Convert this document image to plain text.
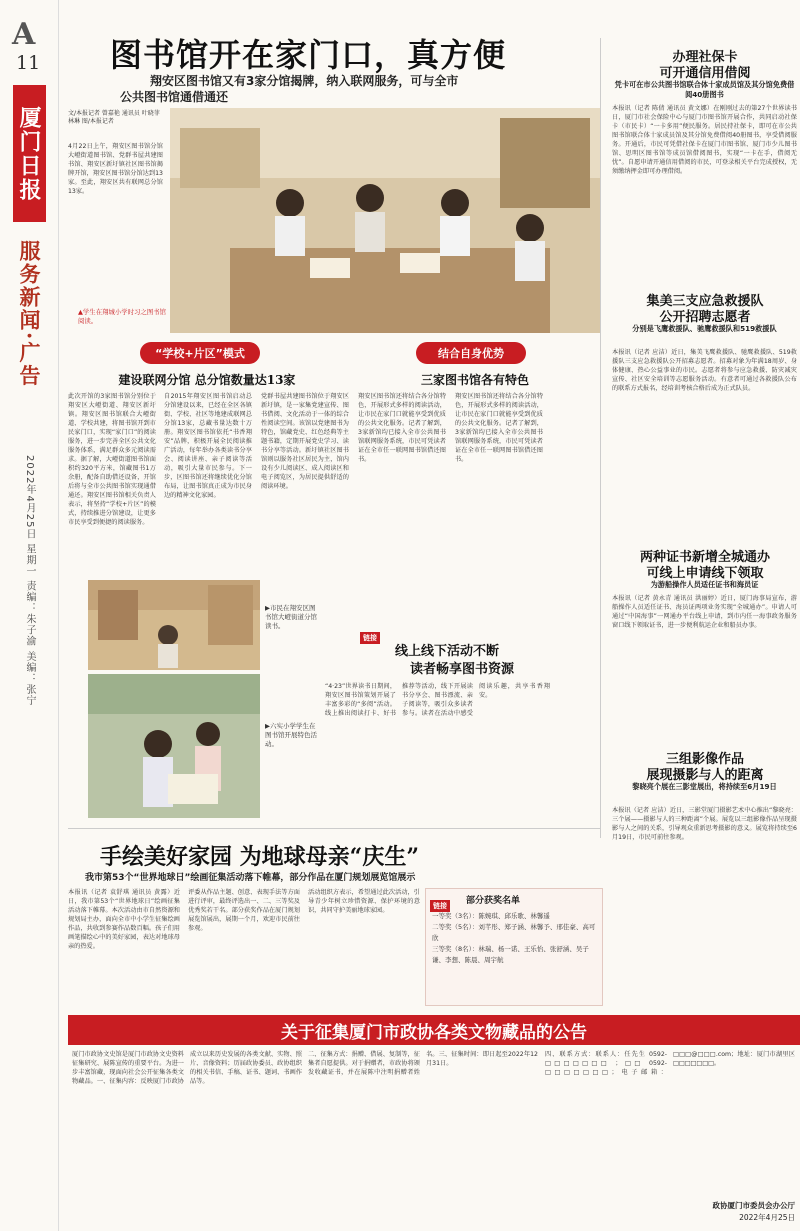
A
11
厦门日报
服务新闻·广告
2022年4月25日 星期一 责编：朱子渝 美编：张宁
图书馆开在家门口，真方便
翔安区图书馆又有3家分馆揭牌，纳入联网服务，可与全市
公共图书馆通借通还
文/本报记者 曾嘉艳 通讯员 叶晓菲 林琳 图/本报记者
4月22日上午，翔安区图书馆分馆大嶝街道图书馆、党群书屋共建图书馆、翔安区新圩镇社区图书馆揭牌开馆，翔安区图书馆分馆达到13家。至此，翔安区共有联网总分馆13家。
▲学生在翔城小学时习之图书馆阅读。
“学校+片区”模式	结合自身优势
建设联网分馆 总分馆数量达13家	三家图书馆各有特色
此次开馆的3家图书馆分别位于翔安区大嶝街道、翔安区新圩镇。翔安区图书馆联合大嶝街道、学校共建，将图书馆开到市民家门口，实现“家门口”的阅读服务，进一步完善全区公共文化服务体系，满足群众多元阅读需求。据了解，大嶝街道图书馆面积约320平方米，馆藏图书1万余册，配备自助借还设备，开馆后将与全市公共图书馆实现通借通还。翔安区图书馆相关负责人表示，将坚持“学校+片区”的模式，持续推进分馆建设，让更多市民享受到便捷的阅读服务。
自2015年翔安区图书馆启动总分馆建设以来，已经在全区各镇街、学校、社区等地建成联网总分馆13家，总藏书量达数十万册。翔安区图书馆依托“书香翔安”品牌，积极开展全民阅读推广活动，每年举办各类读书分享会、阅读讲座、亲子阅读等活动，吸引大量市民参与。下一步，区图书馆还将继续优化分馆布局，让图书馆真正成为市民身边的精神文化家园。
党群书屋共建图书馆位于翔安区新圩镇，是一家集党建宣传、图书借阅、文化活动于一体的综合性阅读空间。该馆以党建图书为特色，馆藏党史、红色经典等主题书籍，定期开展党史学习、读书分享等活动。新圩镇社区图书馆则以服务社区居民为主，馆内设有少儿阅读区、成人阅读区和电子阅览区，为居民提供舒适的阅读环境。
翔安区图书馆还将结合各分馆特色，开展形式多样的阅读活动，让市民在家门口就能享受到优质的公共文化服务。记者了解到，3家新馆均已接入全市公共图书馆联网服务系统，市民可凭读者证在全市任一联网图书馆借还图书。
翔安区图书馆还将结合各分馆特色，开展形式多样的阅读活动，让市民在家门口就能享受到优质的公共文化服务。记者了解到，3家新馆均已接入全市公共图书馆联网服务系统，市民可凭读者证在全市任一联网图书馆借还图书。
▶市民在翔安区图书馆大嶝街道分馆读书。
▶六实小学学生在图书馆开展特色活动。
链接
线上线下活动不断
读者畅享图书资源
“4·23”世界读书日期间，翔安区图书馆策划开展了丰富多彩的“多阅”活动。线上推出阅读打卡、好书推荐等活动，线下开展读书分享会、图书漂流、亲子阅读等，吸引众多读者参与。读者在活动中感受阅读乐趣，共享书香翔安。
办理社保卡
可开通信用借阅
凭卡可在市公共图书馆联合体十家成员馆及其分馆免费借阅40册图书
本报讯（记者 陈倩 通讯员 黄文娜）在刚刚过去的第27个世界读书日，厦门市社会保险中心与厦门市图书馆开展合作，共同启动社保卡（市民卡）“一卡多用”便民服务。居民持社保卡，即可在市公共图书馆联合体十家成员馆及其分馆免费借阅40册图书，享受借阅服务。开通后，市民可凭借社保卡在厦门市图书馆、厦门市少儿图书馆、思明区图书馆等成员馆借阅图书，实现“一卡在手，借阅无忧”。自愿申请开通信用借阅的市民，可登录相关平台完成授权，无须缴纳押金即可办理借阅。
集美三支应急救援队
公开招聘志愿者
分别是飞鹰救援队、驰鹰救援队和519救援队
本报讯（记者 应洁）近日，集美飞鹰救援队、驰鹰救援队、519救援队三支应急救援队公开招募志愿者。招募对象为年满18周岁、身体健康、热心公益事业的市民。志愿者将参与应急救援、防灾减灾宣传、社区安全培训等志愿服务活动。有意者可通过各救援队公布的联系方式报名，经培训考核合格后成为正式队员。
两种证书新增全城通办
可线上申请线下领取
为游船操作人员适任证书和海员证
本报讯（记者 黄永青 通讯员 洪丽婷）近日，厦门海事局宣布，游船操作人员适任证书、海员证两项业务实现“全城通办”。申请人可通过“中国海事”一网通办平台线上申请，到市内任一海事政务服务窗口线下领取证书，进一步便利航运企业和船员办事。
三组影像作品
展现摄影与人的距离
黎晓亮个展在三影堂展出，将持续至6月19日
本报讯（记者 应洁）近日，三影堂厦门摄影艺术中心推出“黎晓亮：三个展——摄影与人的三种距离”个展。展览以三组影像作品呈现摄影与人之间的关系，引导观众重新思考摄影的意义。展览将持续至6月19日，市民可前往参观。
手绘美好家园 为地球母亲“庆生”
我市第53个“世界地球日”绘画征集活动落下帷幕，部分作品在厦门规划展览馆展示
本报讯（记者 袁舒琪 通讯员 黄露）近日，我市第53个“世界地球日”绘画征集活动落下帷幕。本次活动由市自然资源和规划局主办，面向全市中小学生征集绘画作品，共收到参赛作品数百幅。孩子们用画笔描绘心中的美好家园，表达对地球母亲的热爱。
评委从作品主题、创意、表现手法等方面进行评审，最终评选出一、二、三等奖及优秀奖若干名。部分获奖作品在厦门规划展览馆展出，展期一个月，欢迎市民前往参观。
活动组织方表示，希望通过此次活动，引导青少年树立珍惜资源、保护环境的意识，共同守护美丽地球家园。
链接	部分获奖名单
一等奖（3名）：陈婉琪、邱乐歌、林馨遥
二等奖（5名）：刘芊彤、郑子涵、林馨予、邢佳豪、高可欣
三等奖（8名）：林瑞、杨一诺、王乐怡、张舒涵、吴子谦、李想、陈晨、周宇航
关于征集厦门市政协各类文物藏品的公告
厦门市政协文史馆是厦门市政协文史资料征集研究、展陈宣传的重要平台。为进一步丰富馆藏，现面向社会公开征集各类文物藏品。一、征集内容：反映厦门市政协成立以来历史发展的各类文献、实物、照片、音像资料；历届政协委员、政协组织的相关书信、手稿、证书、题词、书画作品等。
二、征集方式：捐赠、借展、复制等，征集者自愿提供。对于捐赠者，市政协将颁发收藏证书，并在展陈中注明捐赠者姓名。三、征集时间：即日起至2022年12月31日。
四、联系方式：联系人：任先生 0592-□□□□□□□ ；□□ 0592-□□□□□□□；电子邮箱：□□□@□□□.com；地址：厦门市湖里区□□□□□□□。
政协厦门市委员会办公厅
2022年4月25日
